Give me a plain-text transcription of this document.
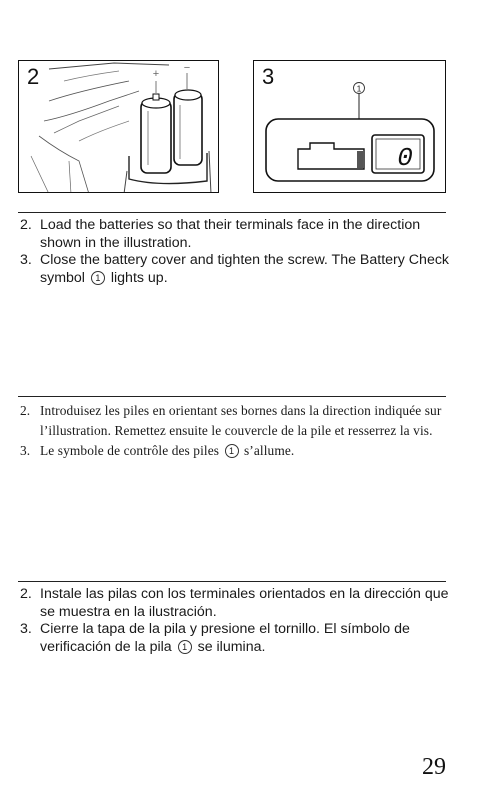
2	+ −	3	1
0

2. Load the batteries so that their terminals face in the direction shown in the illustration.

3. Close the battery cover and tighten the screw. The Battery Check symbol 1 lights up.

2. Introduisez les piles en orientant ses bornes dans la direction indiquée sur l’illustration. Remettez ensuite le couvercle de la pile et resserrez la vis.

3. Le symbole de contrôle des piles 1 s’allume.

2. Instale las pilas con los terminales orientados en la dirección que se muestra en la ilustración.

3. Cierre la tapa de la pila y presione el tornillo. El símbolo de verificación de la pila 1 se ilumina.

29
